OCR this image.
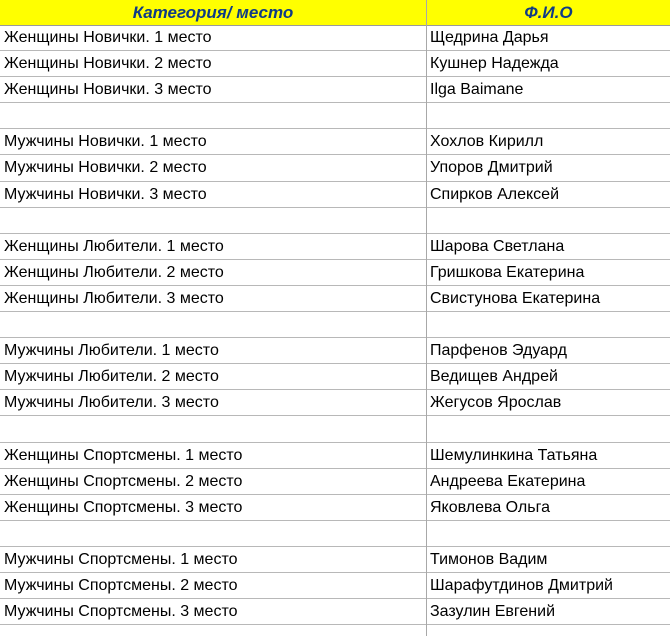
Категория/ место	Ф.И.О
Женщины Новички. 1 место	Щедрина Дарья
Женщины Новички. 2 место	Кушнер Надежда
Женщины Новички. 3 место	Ilga Baimane
Мужчины Новички. 1 место	Хохлов Кирилл
Мужчины Новички. 2 место	Упоров Дмитрий
Мужчины Новички. 3 место	Спирков Алексей
Женщины Любители. 1 место	Шарова Светлана
Женщины Любители. 2 место	Гришкова Екатерина
Женщины Любители. 3 место	Свистунова Екатерина
Мужчины Любители. 1 место	Парфенов Эдуард
Мужчины Любители. 2 место	Ведищев Андрей
Мужчины Любители. 3 место	Жегусов Ярослав
Женщины Спортсмены. 1 место	Шемулинкина Татьяна
Женщины Спортсмены. 2 место	Андреева Екатерина
Женщины Спортсмены. 3 место	Яковлева Ольга
Мужчины Спортсмены. 1 место	Тимонов Вадим
Мужчины Спортсмены. 2 место	Шарафутдинов Дмитрий
Мужчины Спортсмены. 3 место	Зазулин Евгений
